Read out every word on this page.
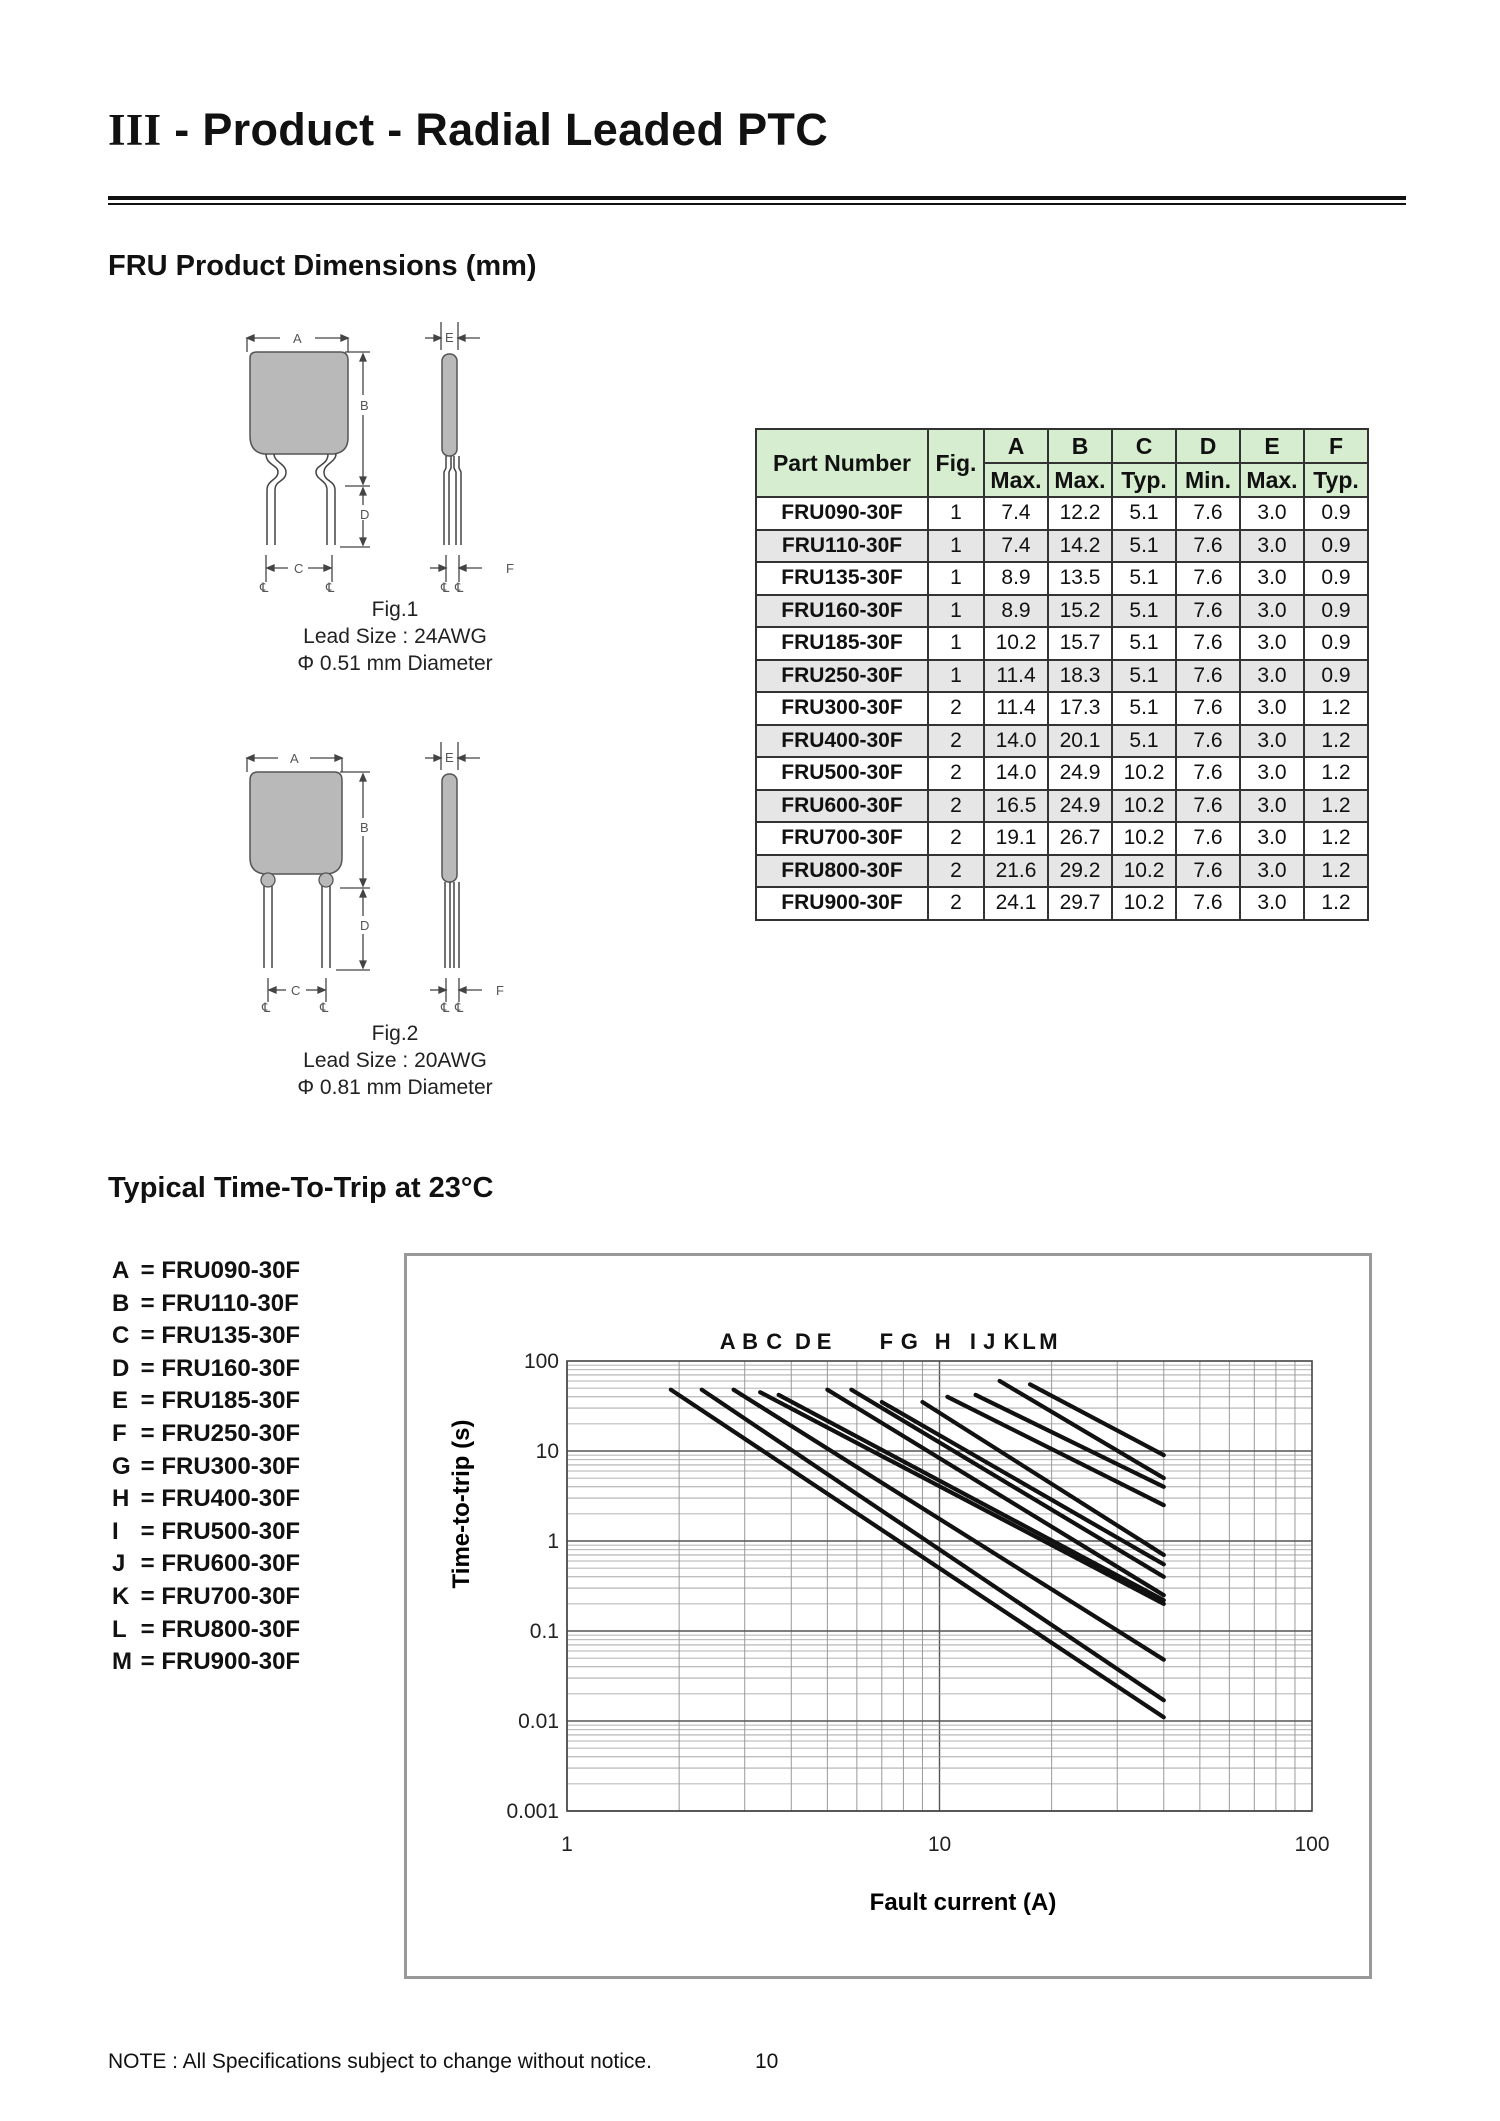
III - Product - Radial Leaded PTC
FRU Product Dimensions (mm)
A
B
D
C
E
F
℄	℄	℄ ℄
Fig.1
Lead Size : 24AWG
Φ 0.51 mm Diameter
A
B
D
C
E
F
℄	℄	℄ ℄
Fig.2
Lead Size : 20AWG
Φ 0.81 mm Diameter
Part Number	Fig.	A	B	C	D	E	F
		Max.	Max.	Typ.	Min.	Max.	Typ.
FRU090-30F	1	7.4	12.2	5.1	7.6	3.0	0.9
FRU110-30F	1	7.4	14.2	5.1	7.6	3.0	0.9
FRU135-30F	1	8.9	13.5	5.1	7.6	3.0	0.9
FRU160-30F	1	8.9	15.2	5.1	7.6	3.0	0.9
FRU185-30F	1	10.2	15.7	5.1	7.6	3.0	0.9
FRU250-30F	1	11.4	18.3	5.1	7.6	3.0	0.9
FRU300-30F	2	11.4	17.3	5.1	7.6	3.0	1.2
FRU400-30F	2	14.0	20.1	5.1	7.6	3.0	1.2
FRU500-30F	2	14.0	24.9	10.2	7.6	3.0	1.2
FRU600-30F	2	16.5	24.9	10.2	7.6	3.0	1.2
FRU700-30F	2	19.1	26.7	10.2	7.6	3.0	1.2
FRU800-30F	2	21.6	29.2	10.2	7.6	3.0	1.2
FRU900-30F	2	24.1	29.7	10.2	7.6	3.0	1.2
Typical Time-To-Trip at 23°C
A = FRU090-30F
B = FRU110-30F
C = FRU135-30F
D = FRU160-30F
E = FRU185-30F
F = FRU250-30F
G = FRU300-30F
H = FRU400-30F
I = FRU500-30F
J = FRU600-30F
K = FRU700-30F
L = FRU800-30F
M = FRU900-30F
A B C D E F G H I J K L M
1	10	100
100
10
1
0.1
0.01
0.001
Fault current (A)
Time-to-trip (s)
NOTE : All Specifications subject to change without notice.	10
